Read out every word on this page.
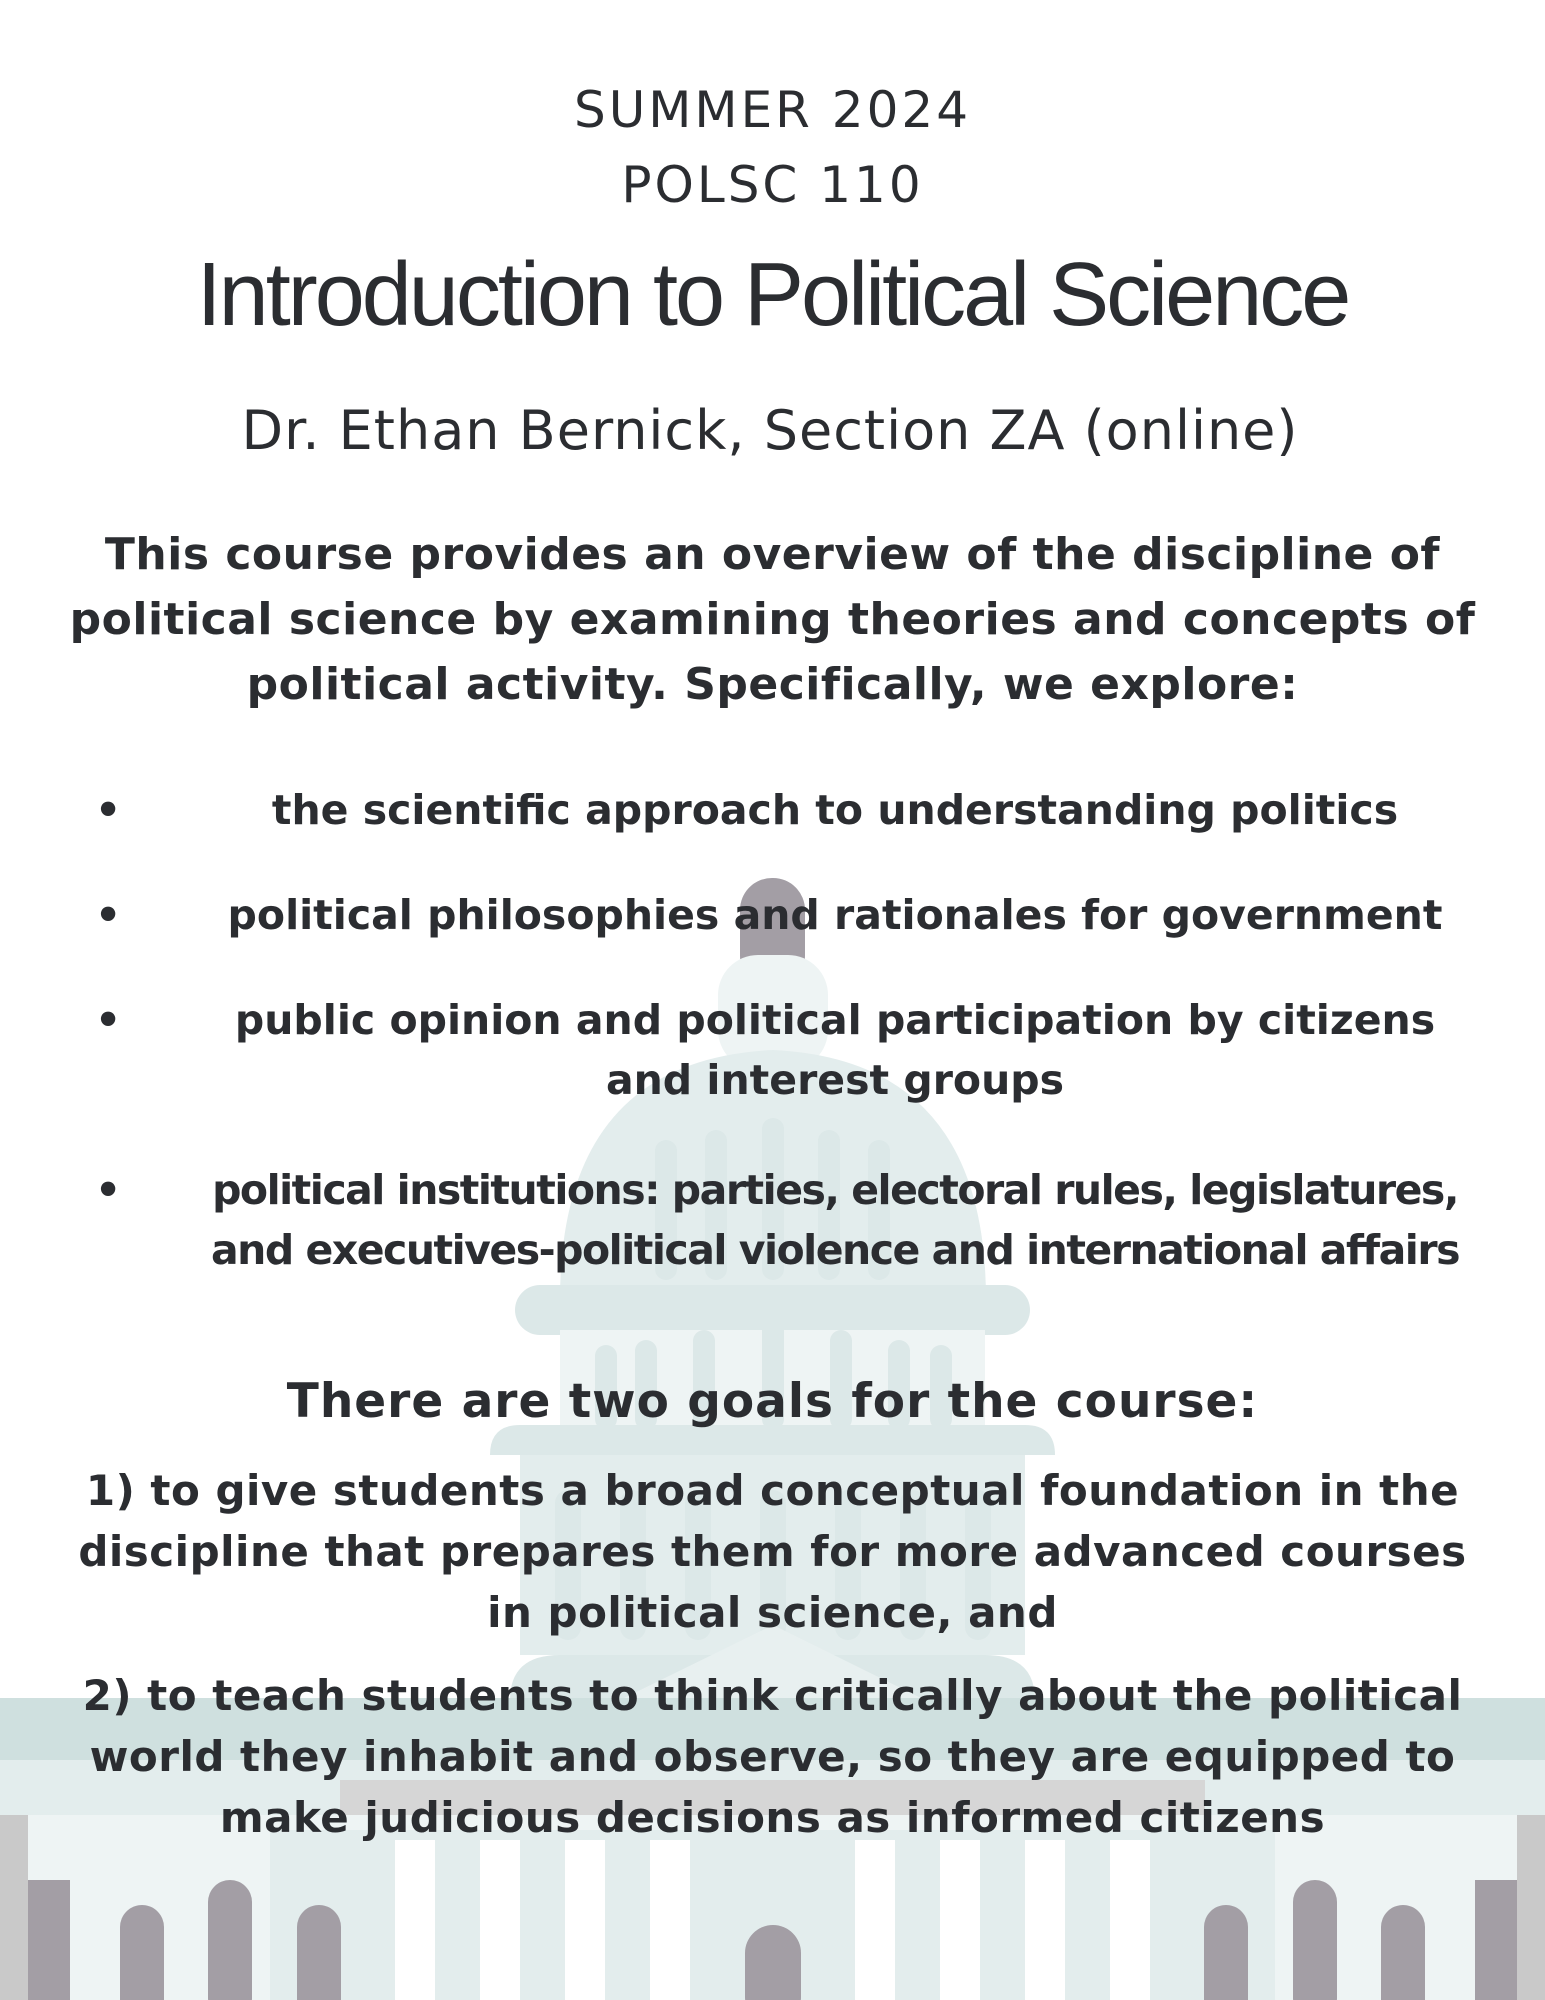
SUMMER 2024
POLSC 110
Introduction to Political Science
Dr. Ethan Bernick, Section ZA (online)
This course provides an overview of the discipline of political science by examining theories and concepts of political activity. Specifically, we explore:
•	the scientific approach to understanding politics
•	political philosophies and rationales for government
•	public opinion and political participation by citizens and interest groups
•	political institutions: parties, electoral rules, legislatures, and executives-political violence and international affairs
There are two goals for the course:
1) to give students a broad conceptual foundation in the discipline that prepares them for more advanced courses in political science, and
2) to teach students to think critically about the political world they inhabit and observe, so they are equipped to make judicious decisions as informed citizens
